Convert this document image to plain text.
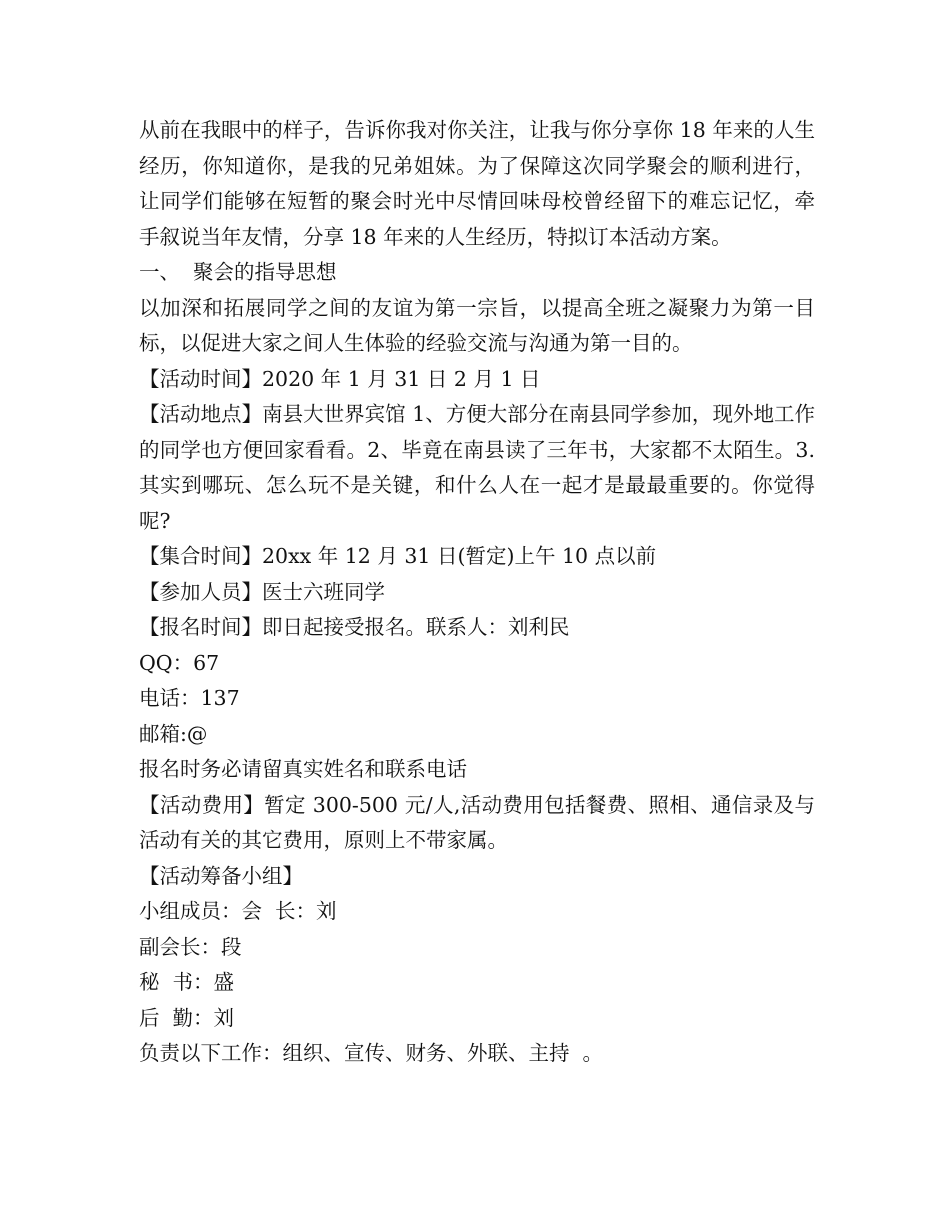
从前在我眼中的样子，告诉你我对你关注，让我与你分享你 18 年来的人生经历，你知道你，是我的兄弟姐妹。为了保障这次同学聚会的顺利进行，让同学们能够在短暂的聚会时光中尽情回味母校曾经留下的难忘记忆，牵手叙说当年友情，分享 18 年来的人生经历，特拟订本活动方案。

一、  聚会的指导思想

以加深和拓展同学之间的友谊为第一宗旨，以提高全班之凝聚力为第一目标，以促进大家之间人生体验的经验交流与沟通为第一目的。

【活动时间】2020 年 1 月 31 日 2 月 1 日

【活动地点】南县大世界宾馆 1、方便大部分在南县同学参加，现外地工作的同学也方便回家看看。2、毕竟在南县读了三年书，大家都不太陌生。3.其实到哪玩、怎么玩不是关键，和什么人在一起才是最最重要的。你觉得呢?

【集合时间】20xx 年 12 月 31 日(暂定)上午 10 点以前

【参加人员】医士六班同学

【报名时间】即日起接受报名。联系人：刘利民

QQ：67

电话：137

邮箱:@

报名时务必请留真实姓名和联系电话

【活动费用】暂定 300-500 元/人,活动费用包括餐费、照相、通信录及与活动有关的其它费用，原则上不带家属。

【活动筹备小组】

小组成员：会  长：刘

副会长：段

秘  书：盛

后  勤：刘

负责以下工作：组织、宣传、财务、外联、主持  。
